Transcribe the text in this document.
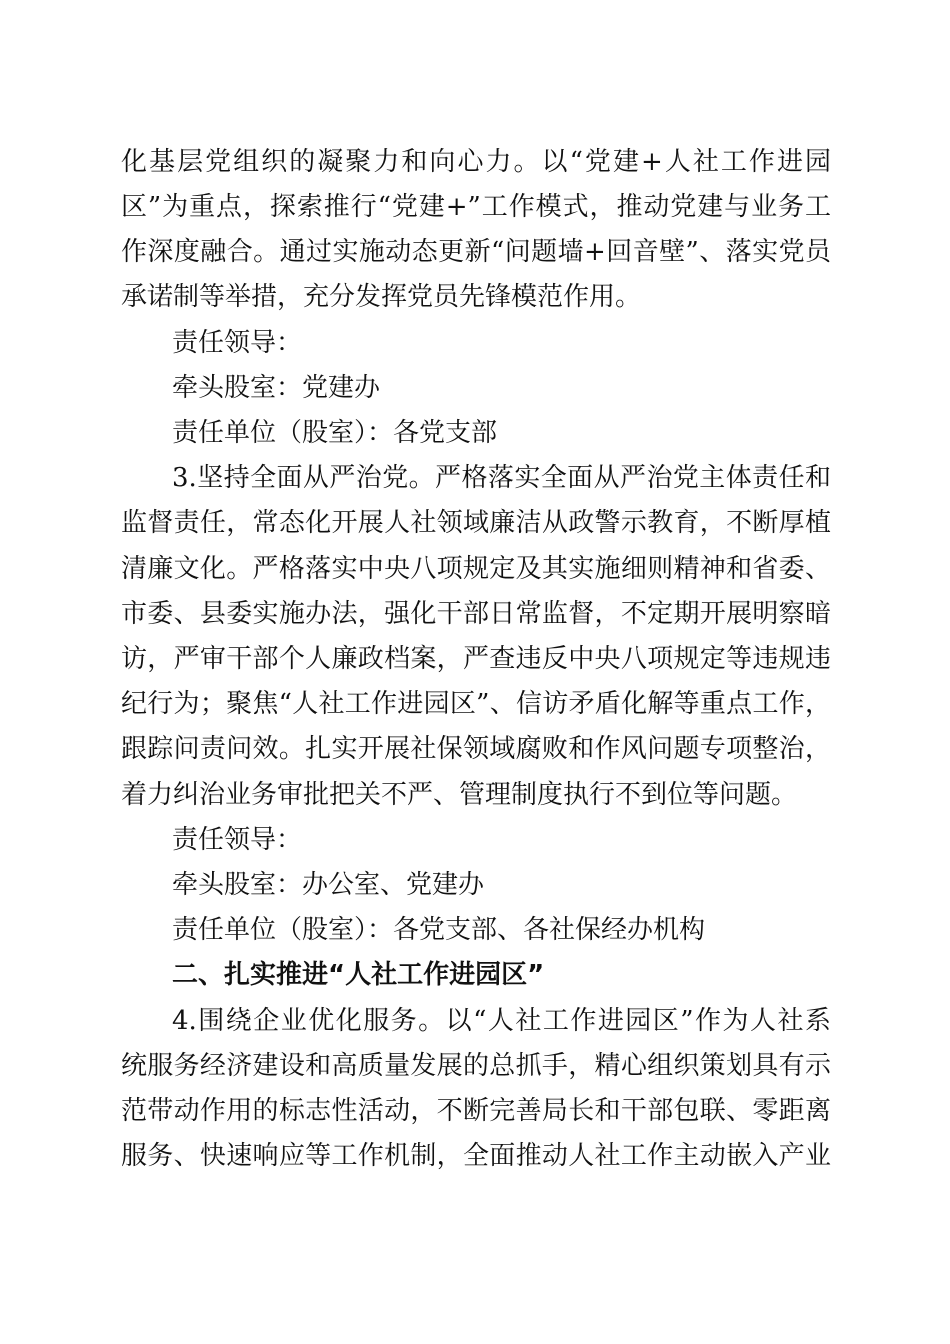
化基层党组织的凝聚力和向心力。以“党建+人社工作进园
区”为重点，探索推行“党建+”工作模式，推动党建与业务工
作深度融合。通过实施动态更新“问题墙+回音壁”、落实党员
承诺制等举措，充分发挥党员先锋模范作用。
责任领导：
牵头股室：党建办
责任单位（股室）：各党支部
3.坚持全面从严治党。严格落实全面从严治党主体责任和
监督责任，常态化开展人社领域廉洁从政警示教育，不断厚植
清廉文化。严格落实中央八项规定及其实施细则精神和省委、
市委、县委实施办法，强化干部日常监督，不定期开展明察暗
访，严审干部个人廉政档案，严查违反中央八项规定等违规违
纪行为；聚焦“人社工作进园区”、信访矛盾化解等重点工作，
跟踪问责问效。扎实开展社保领域腐败和作风问题专项整治，
着力纠治业务审批把关不严、管理制度执行不到位等问题。
责任领导：
牵头股室：办公室、党建办
责任单位（股室）：各党支部、各社保经办机构
二、扎实推进“人社工作进园区”
4.围绕企业优化服务。以“人社工作进园区”作为人社系
统服务经济建设和高质量发展的总抓手，精心组织策划具有示
范带动作用的标志性活动，不断完善局长和干部包联、零距离
服务、快速响应等工作机制，全面推动人社工作主动嵌入产业
